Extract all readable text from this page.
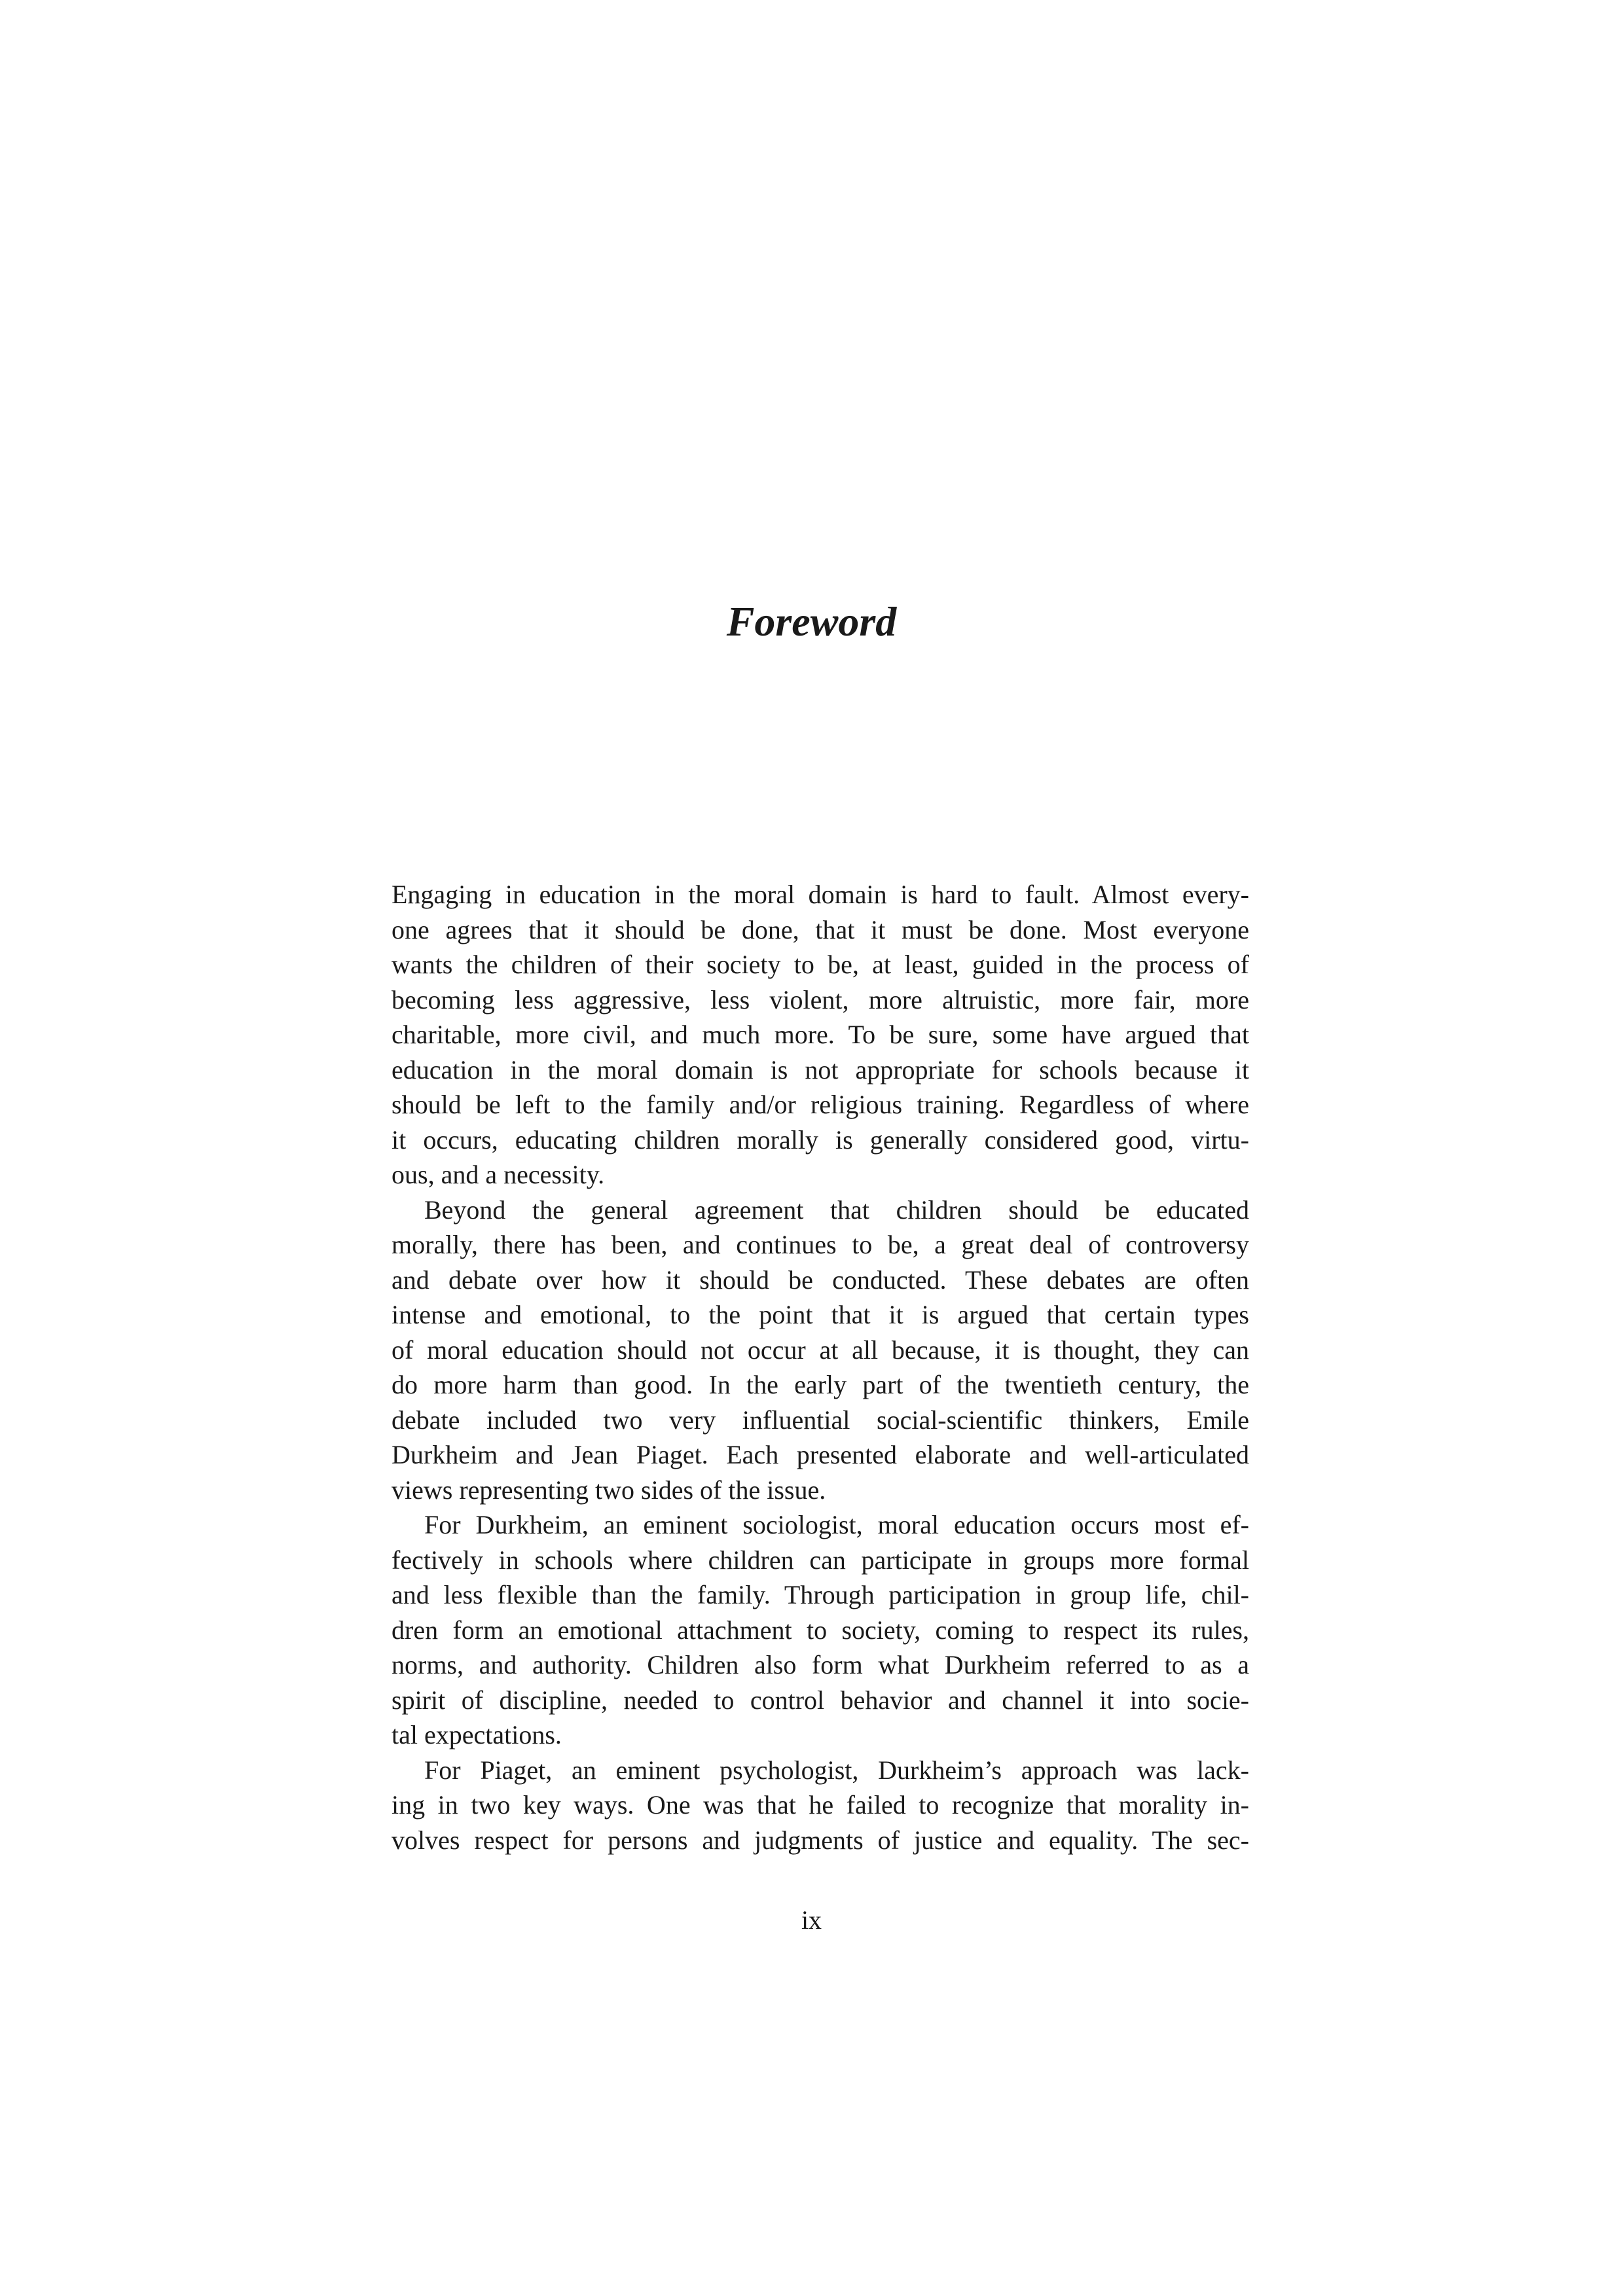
Foreword
Engaging in education in the moral domain is hard to fault. Almost every-
one agrees that it should be done, that it must be done. Most everyone
wants the children of their society to be, at least, guided in the process of
becoming less aggressive, less violent, more altruistic, more fair, more
charitable, more civil, and much more. To be sure, some have argued that
education in the moral domain is not appropriate for schools because it
should be left to the family and/or religious training. Regardless of where
it occurs, educating children morally is generally considered good, virtu-
ous, and a necessity.
Beyond the general agreement that children should be educated
morally, there has been, and continues to be, a great deal of controversy
and debate over how it should be conducted. These debates are often
intense and emotional, to the point that it is argued that certain types
of moral education should not occur at all because, it is thought, they can
do more harm than good. In the early part of the twentieth century, the
debate included two very influential social-scientific thinkers, Emile
Durkheim and Jean Piaget. Each presented elaborate and well-articulated
views representing two sides of the issue.
For Durkheim, an eminent sociologist, moral education occurs most ef-
fectively in schools where children can participate in groups more formal
and less flexible than the family. Through participation in group life, chil-
dren form an emotional attachment to society, coming to respect its rules,
norms, and authority. Children also form what Durkheim referred to as a
spirit of discipline, needed to control behavior and channel it into socie-
tal expectations.
For Piaget, an eminent psychologist, Durkheim’s approach was lack-
ing in two key ways. One was that he failed to recognize that morality in-
volves respect for persons and judgments of justice and equality. The sec-
ix
